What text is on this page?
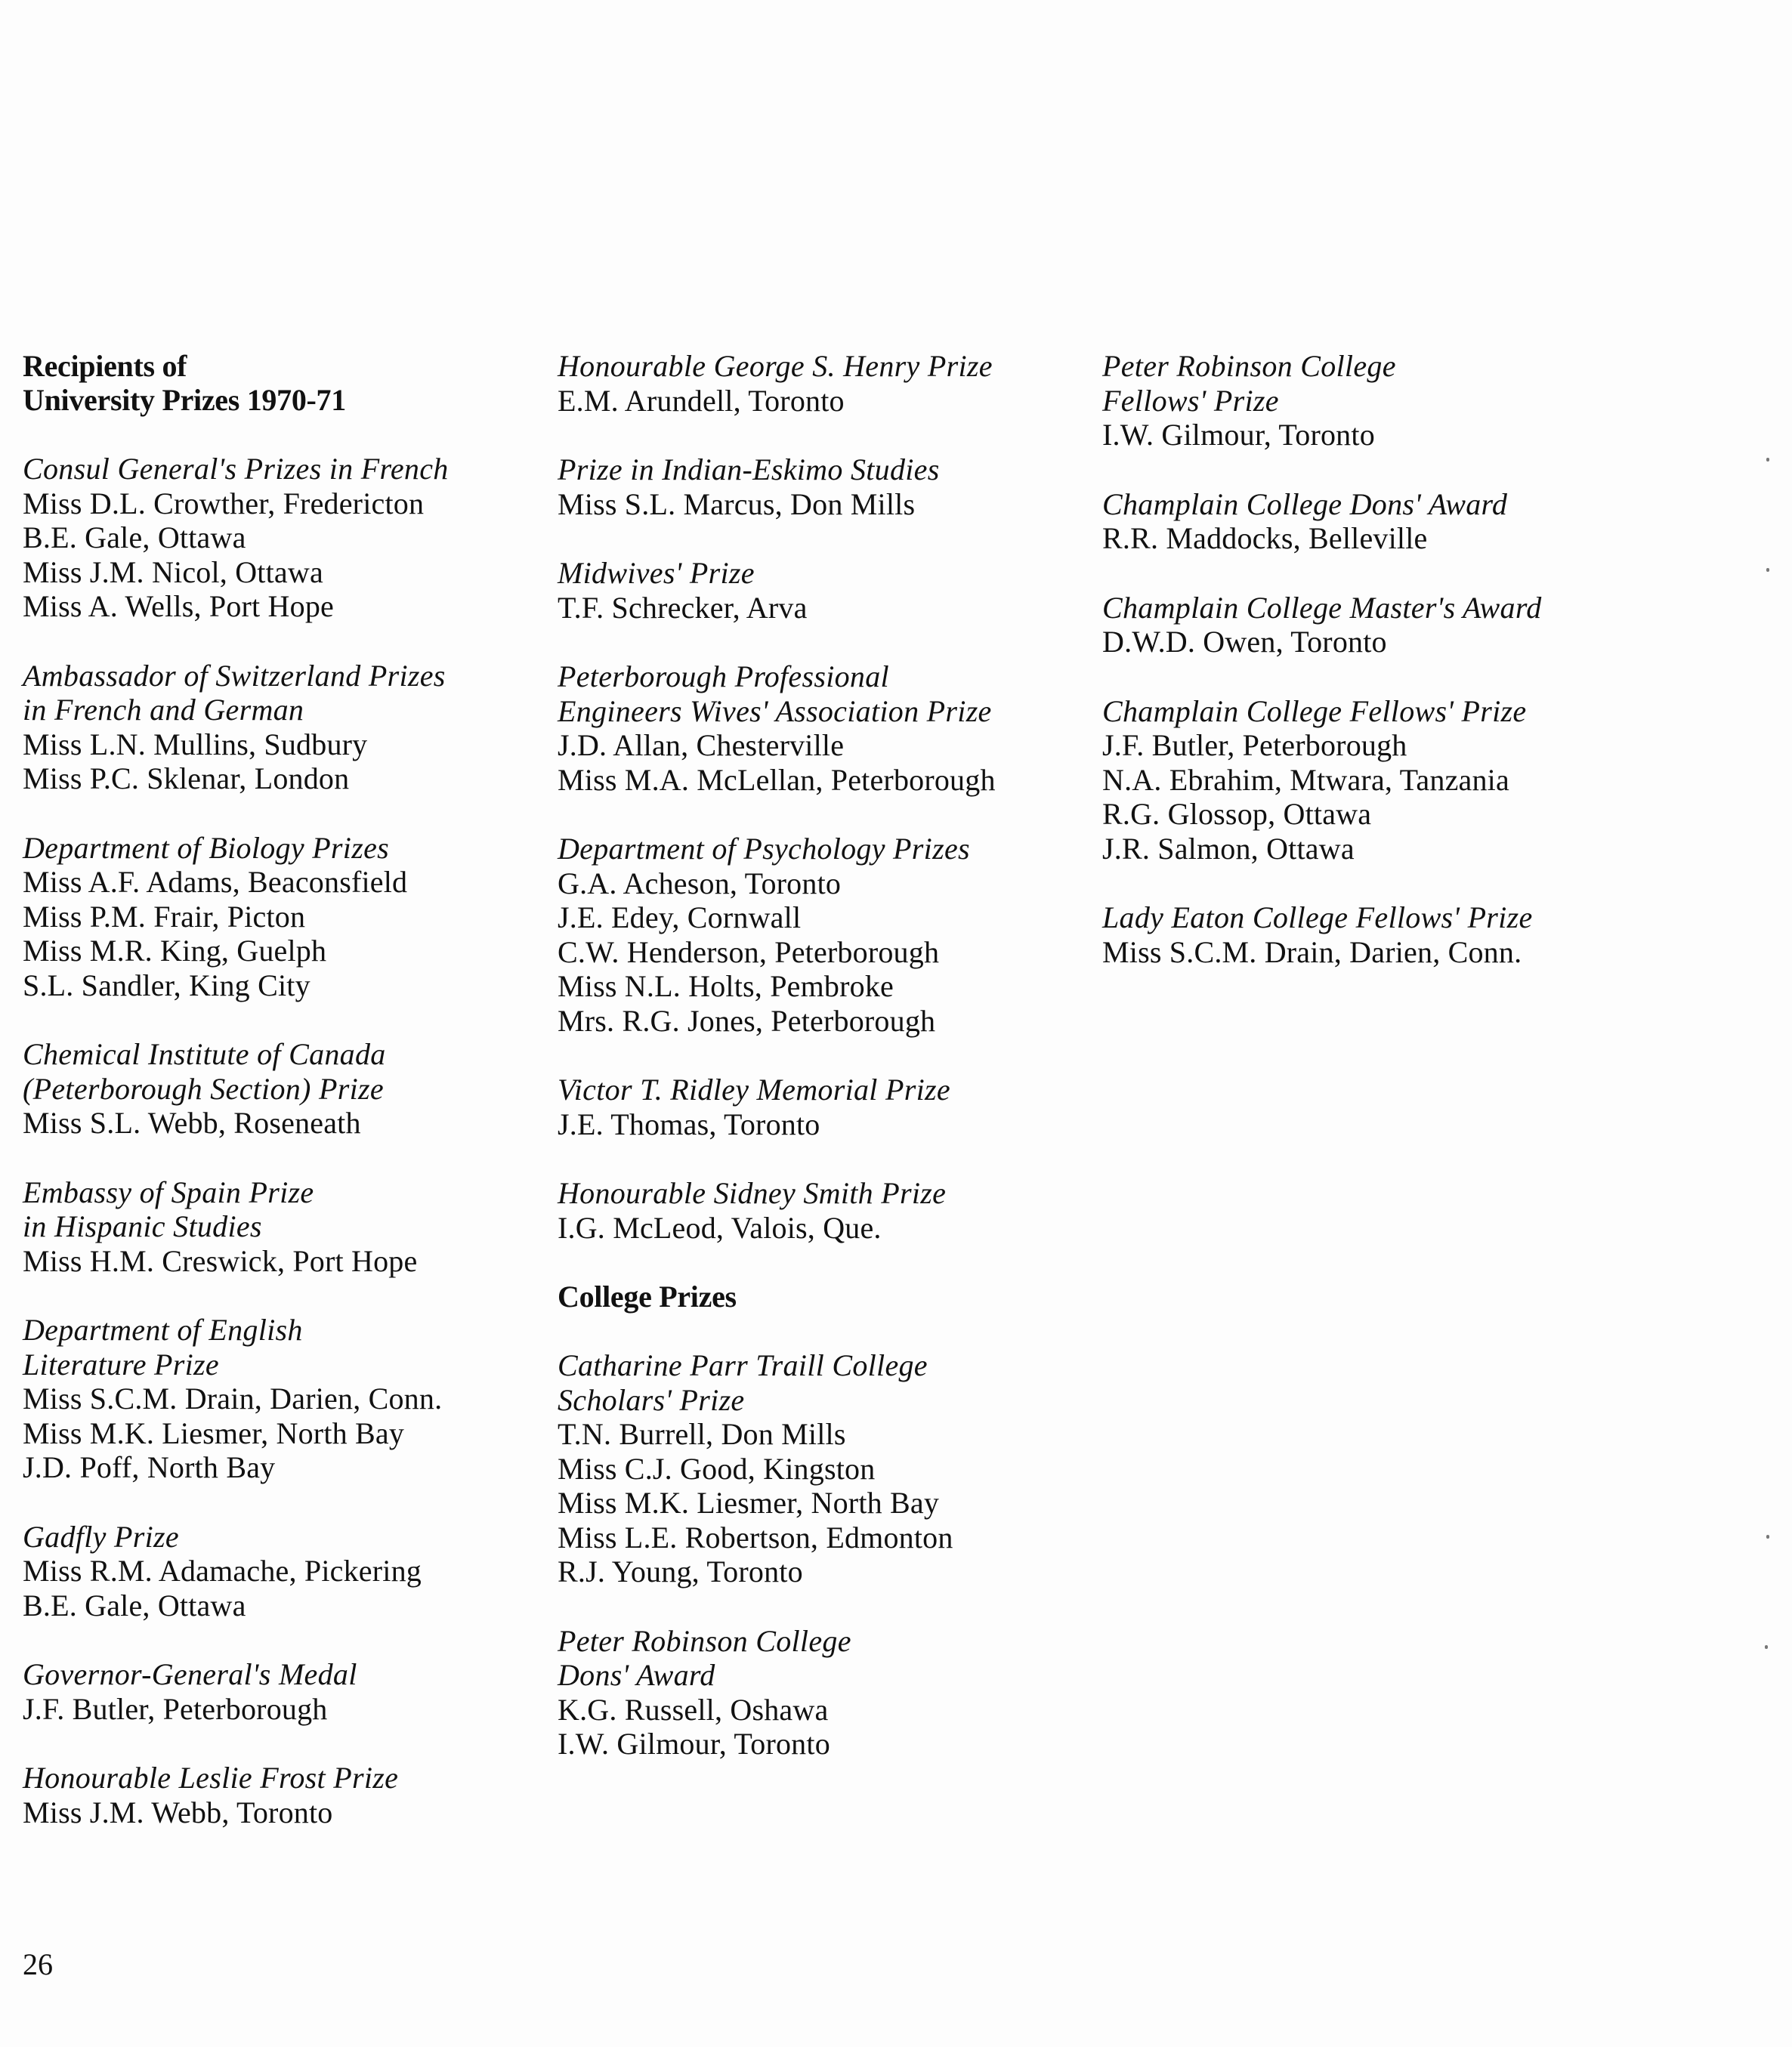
Recipients of
University Prizes 1970-71
Consul General's Prizes in French
Miss D.L. Crowther, Fredericton
B.E. Gale, Ottawa
Miss J.M. Nicol, Ottawa
Miss A. Wells, Port Hope
Ambassador of Switzerland Prizes
in French and German
Miss L.N. Mullins, Sudbury
Miss P.C. Sklenar, London
Department of Biology Prizes
Miss A.F. Adams, Beaconsfield
Miss P.M. Frair, Picton
Miss M.R. King, Guelph
S.L. Sandler, King City
Chemical Institute of Canada
(Peterborough Section) Prize
Miss S.L. Webb, Roseneath
Embassy of Spain Prize
in Hispanic Studies
Miss H.M. Creswick, Port Hope
Department of English
Literature Prize
Miss S.C.M. Drain, Darien, Conn.
Miss M.K. Liesmer, North Bay
J.D. Poff, North Bay
Gadfly Prize
Miss R.M. Adamache, Pickering
B.E. Gale, Ottawa
Governor-General's Medal
J.F. Butler, Peterborough
Honourable Leslie Frost Prize
Miss J.M. Webb, Toronto
Honourable George S. Henry Prize
E.M. Arundell, Toronto
Prize in Indian-Eskimo Studies
Miss S.L. Marcus, Don Mills
Midwives' Prize
T.F. Schrecker, Arva
Peterborough Professional
Engineers Wives' Association Prize
J.D. Allan, Chesterville
Miss M.A. McLellan, Peterborough
Department of Psychology Prizes
G.A. Acheson, Toronto
J.E. Edey, Cornwall
C.W. Henderson, Peterborough
Miss N.L. Holts, Pembroke
Mrs. R.G. Jones, Peterborough
Victor T. Ridley Memorial Prize
J.E. Thomas, Toronto
Honourable Sidney Smith Prize
I.G. McLeod, Valois, Que.
College Prizes
Catharine Parr Traill College
Scholars' Prize
T.N. Burrell, Don Mills
Miss C.J. Good, Kingston
Miss M.K. Liesmer, North Bay
Miss L.E. Robertson, Edmonton
R.J. Young, Toronto
Peter Robinson College
Dons' Award
K.G. Russell, Oshawa
I.W. Gilmour, Toronto
Peter Robinson College
Fellows' Prize
I.W. Gilmour, Toronto
Champlain College Dons' Award
R.R. Maddocks, Belleville
Champlain College Master's Award
D.W.D. Owen, Toronto
Champlain College Fellows' Prize
J.F. Butler, Peterborough
N.A. Ebrahim, Mtwara, Tanzania
R.G. Glossop, Ottawa
J.R. Salmon, Ottawa
Lady Eaton College Fellows' Prize
Miss S.C.M. Drain, Darien, Conn.
26
